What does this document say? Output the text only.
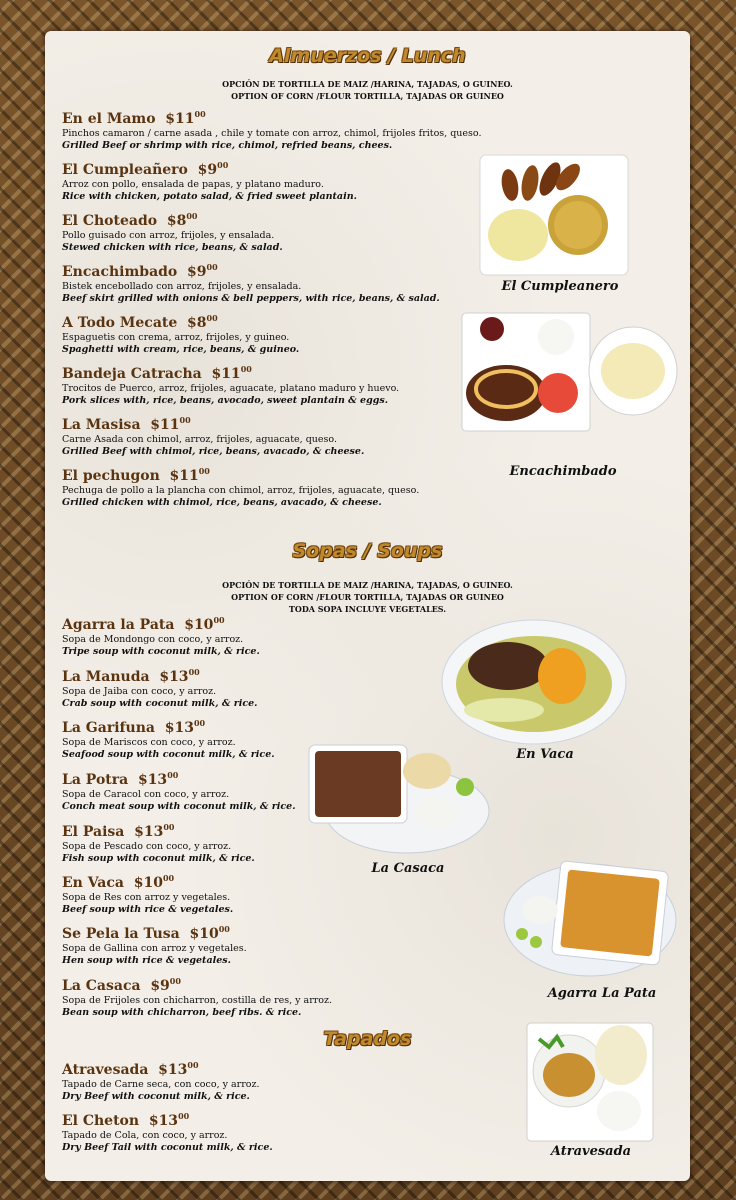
Almuerzos / Lunch
OPCIÓN DE TORTILLA DE MAIZ /HARINA, TAJADAS, O GUINEO.
OPTION OF CORN /FLOUR TORTILLA, TAJADAS OR GUINEO
En el Mamo $\$11^{00}$
Pinchos camaron / carne asada , chile y tomate con arroz, chimol, frijoles fritos, queso.
Grilled Beef or shrimp with rice, chimol, refried beans, chees.
El Cumpleañero $\$9^{00}$
Arroz con pollo, ensalada de papas, y platano maduro.
Rice with chicken, potato salad, & fried sweet plantain.
El Choteado $\$8^{00}$
Pollo guisado con arroz, frijoles, y ensalada.
Stewed chicken with rice, beans, & salad.
Encachimbado $\$9^{00}$
Bistek encebollado con arroz, frijoles, y ensalada.
Beef skirt grilled with onions & bell peppers, with rice, beans, & salad.
A Todo Mecate $\$8^{00}$
Espaguetis con crema, arroz, frijoles, y guineo.
Spaghetti with cream, rice, beans, & guineo.
Bandeja Catracha $\$11^{00}$
Trocitos de Puerco, arroz, frijoles, aguacate, platano maduro y huevo.
Pork slices with, rice, beans, avocado, sweet plantain & eggs.
La Masisa $\$11^{00}$
Carne Asada con chimol, arroz, frijoles, aguacate, queso.
Grilled Beef with chimol, rice, beans, avacado, & cheese.
El pechugon $\$11^{00}$
Pechuga de pollo a la plancha con chimol, arroz, frijoles, aguacate, queso.
Grilled chicken with chimol, rice, beans, avacado, & cheese.
El Cumpleanero
Encachimbado
Sopas / Soups
OPCIÓN DE TORTILLA DE MAIZ /HARINA, TAJADAS, O GUINEO.
OPTION OF CORN /FLOUR TORTILLA, TAJADAS OR GUINEO
TODA SOPA INCLUYE VEGETALES.
Agarra la Pata $\$10^{00}$
Sopa de Mondongo con coco, y arroz.
Tripe soup with coconut milk, & rice.
La Manuda $\$13^{00}$
Sopa de Jaiba con coco, y arroz.
Crab soup with coconut milk, & rice.
La Garifuna $\$13^{00}$
Sopa de Mariscos con coco, y arroz.
Seafood soup with coconut milk, & rice.
La Potra $\$13^{00}$
Sopa de Caracol con coco, y arroz.
Conch meat soup with coconut milk, & rice.
El Paisa $\$13^{00}$
Sopa de Pescado con coco, y arroz.
Fish soup with coconut milk, & rice.
En Vaca $\$10^{00}$
Sopa de Res con arroz y vegetales.
Beef soup with rice & vegetales.
Se Pela la Tusa $\$10^{00}$
Sopa de Gallina con arroz y vegetales.
Hen soup with rice & vegetales.
La Casaca $\$9^{00}$
Sopa de Frijoles con chicharron, costilla de res, y arroz.
Bean soup with chicharron, beef ribs. & rice.
En Vaca
La Casaca
Agarra La Pata
Tapados
Atravesada $\$13^{00}$
Tapado de Carne seca, con coco, y arroz.
Dry Beef with coconut milk, & rice.
El Cheton $\$13^{00}$
Tapado de Cola, con coco, y arroz.
Dry Beef Tail with coconut milk, & rice.	Atravesada
